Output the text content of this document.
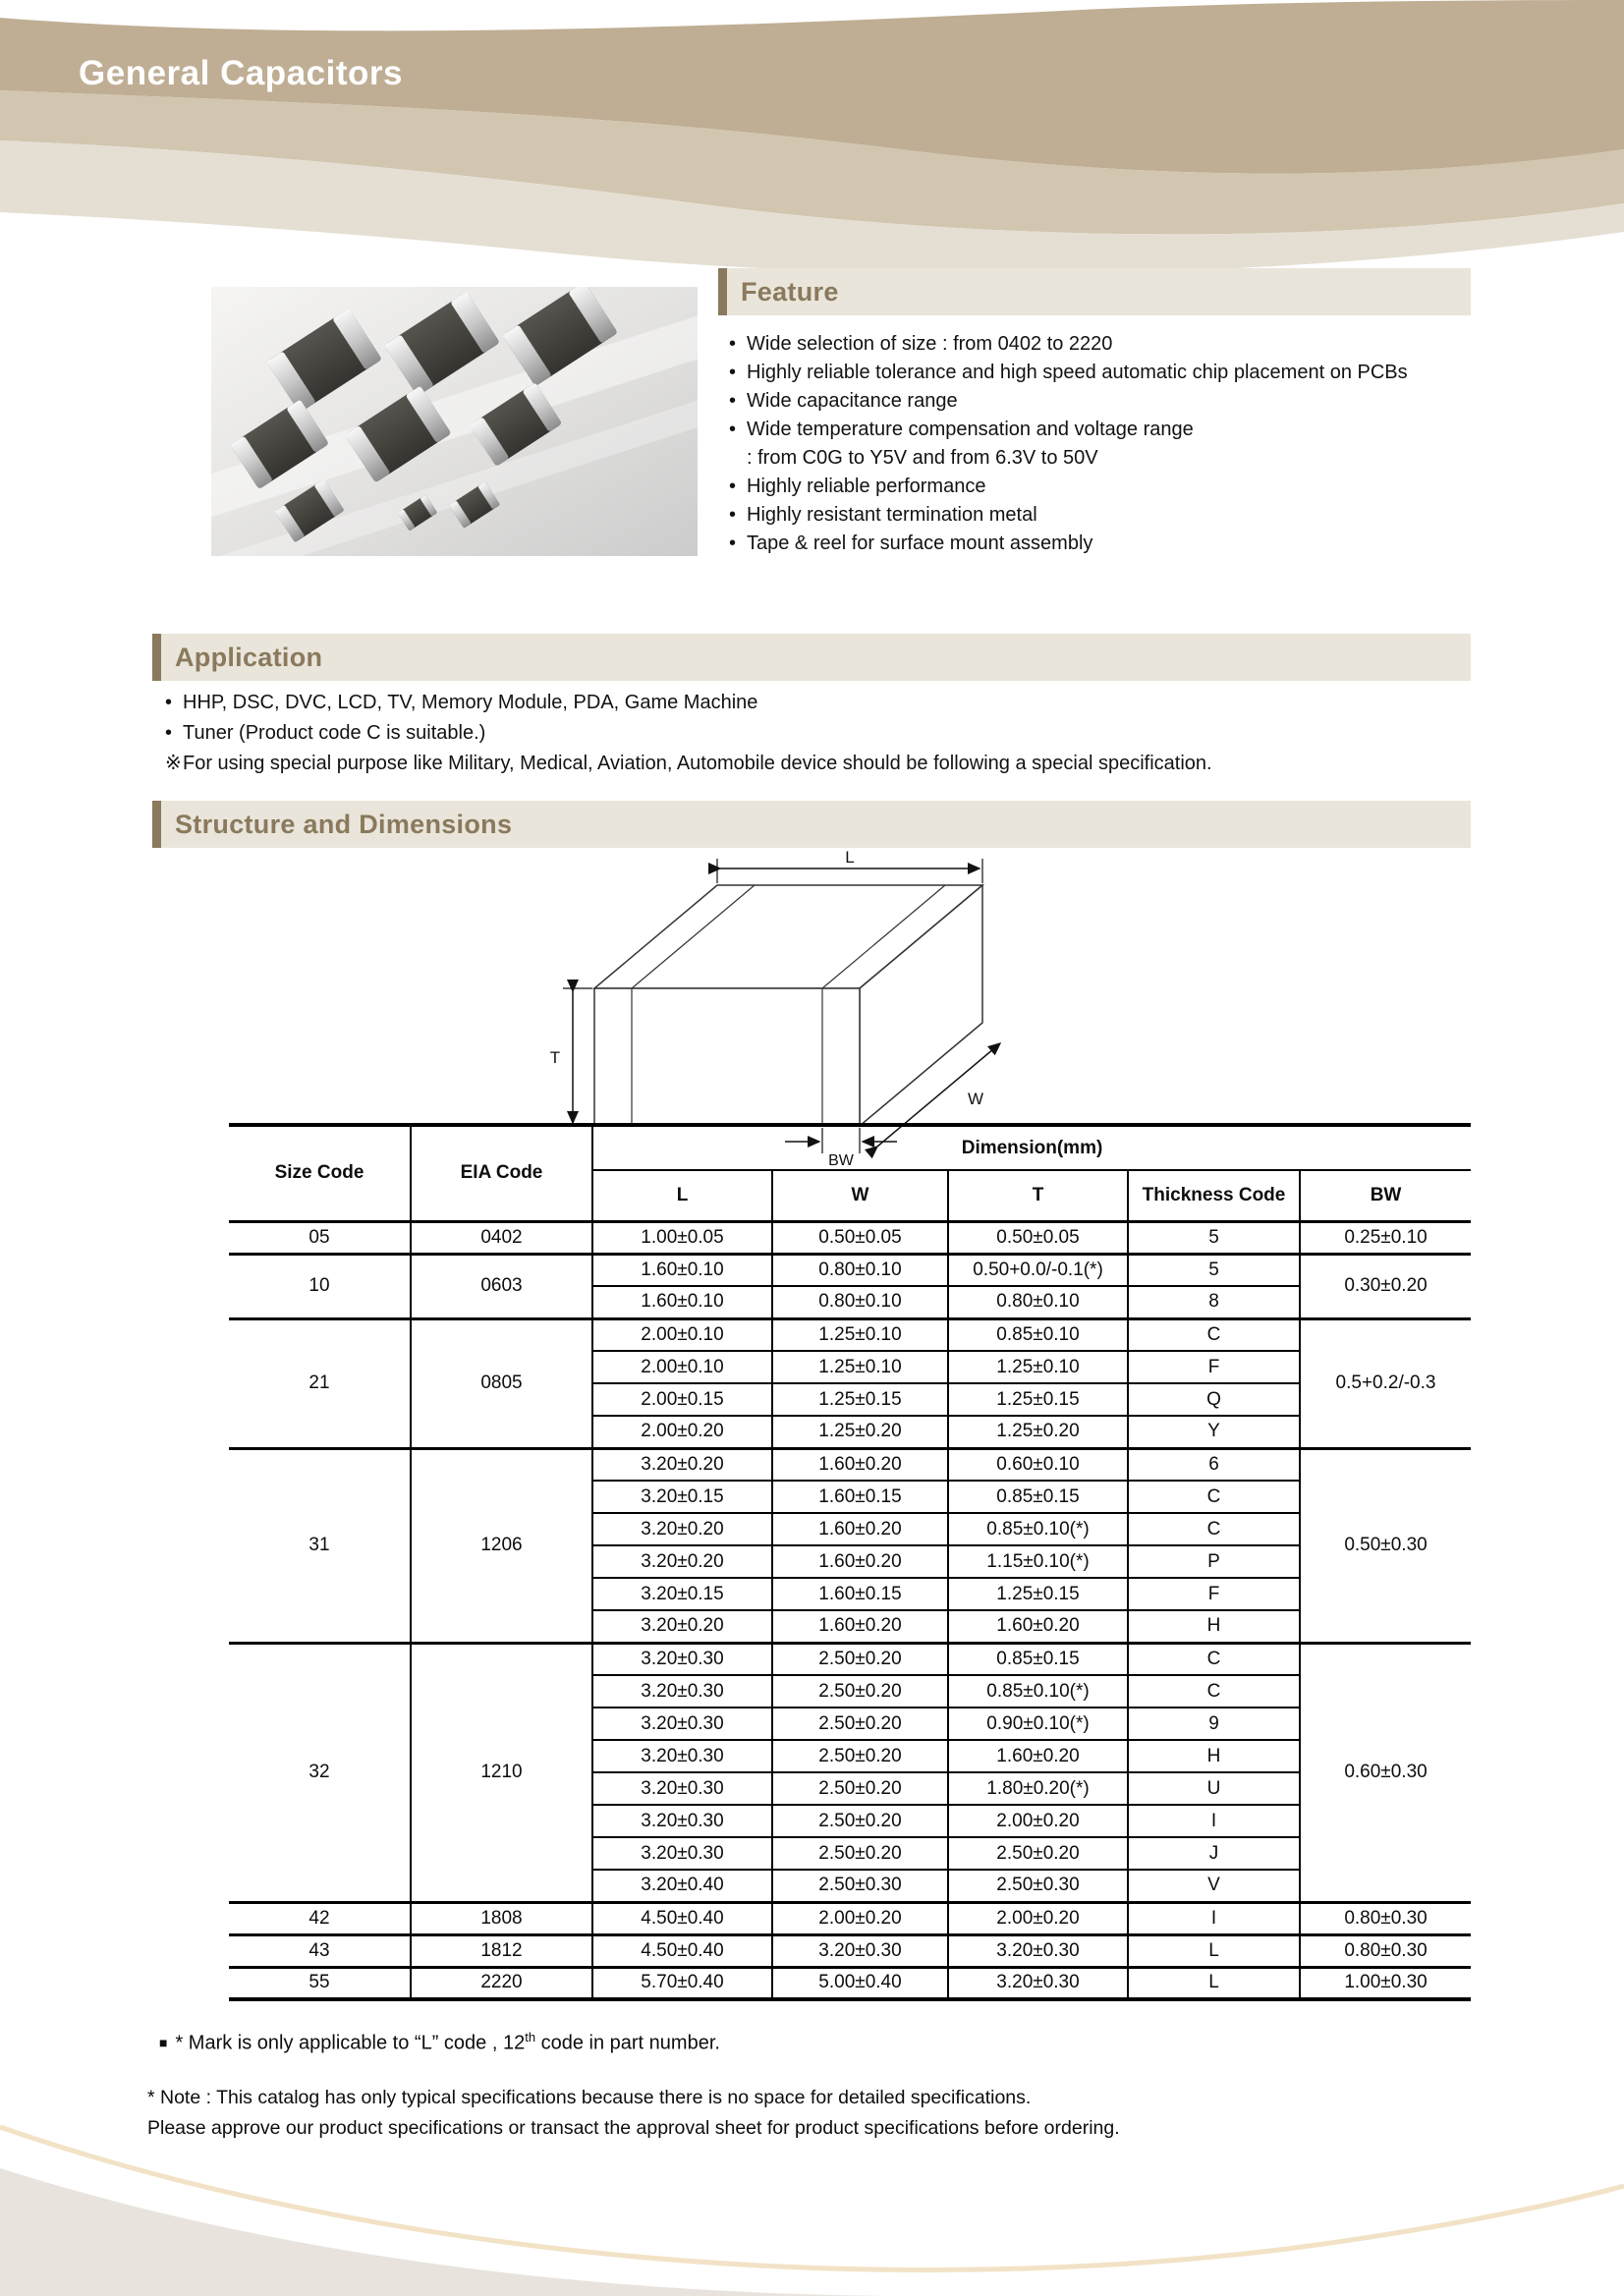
General Capacitors
Feature
• Wide selection of size : from 0402 to 2220
• Highly reliable tolerance and high speed automatic chip placement on PCBs
• Wide capacitance range
• Wide temperature compensation and voltage range
: from C0G to Y5V and from 6.3V to 50V
• Highly reliable performance
• Highly resistant termination metal
• Tape & reel for surface mount assembly
Application
• HHP, DSC, DVC, LCD, TV, Memory Module, PDA, Game Machine
• Tuner (Product code C is suitable.)
※ For using special purpose like Military, Medical, Aviation, Automobile device should be following a special specification.
Structure and Dimensions
L
T
W
BW
Size Code	EIA Code	Dimension(mm)				
		L	W	T	Thickness Code	BW
05	0402	1.00±0.05	0.50±0.05	0.50±0.05	5	0.25±0.10
10	0603	1.60±0.10	0.80±0.10	0.50+0.0/-0.1(*)	5	0.30±0.20
		1.60±0.10	0.80±0.10	0.80±0.10	8	
21	0805	2.00±0.10	1.25±0.10	0.85±0.10	C	0.5+0.2/-0.3
		2.00±0.10	1.25±0.10	1.25±0.10	F	
		2.00±0.15	1.25±0.15	1.25±0.15	Q	
		2.00±0.20	1.25±0.20	1.25±0.20	Y	
31	1206	3.20±0.20	1.60±0.20	0.60±0.10	6	0.50±0.30
		3.20±0.15	1.60±0.15	0.85±0.15	C	
		3.20±0.20	1.60±0.20	0.85±0.10(*)	C	
		3.20±0.20	1.60±0.20	1.15±0.10(*)	P	
		3.20±0.15	1.60±0.15	1.25±0.15	F	
		3.20±0.20	1.60±0.20	1.60±0.20	H	
32	1210	3.20±0.30	2.50±0.20	0.85±0.15	C	0.60±0.30
		3.20±0.30	2.50±0.20	0.85±0.10(*)	C	
		3.20±0.30	2.50±0.20	0.90±0.10(*)	9	
		3.20±0.30	2.50±0.20	1.60±0.20	H	
		3.20±0.30	2.50±0.20	1.80±0.20(*)	U	
		3.20±0.30	2.50±0.20	2.00±0.20	I	
		3.20±0.30	2.50±0.20	2.50±0.20	J	
		3.20±0.40	2.50±0.30	2.50±0.30	V	
42	1808	4.50±0.40	2.00±0.20	2.00±0.20	I	0.80±0.30
43	1812	4.50±0.40	3.20±0.30	3.20±0.30	L	0.80±0.30
55	2220	5.70±0.40	5.00±0.40	3.20±0.30	L	1.00±0.30
■ * Mark is only applicable to “L” code , 12th code in part number.
* Note : This catalog has only typical specifications because there is no space for detailed specifications.
Please approve our product specifications or transact the approval sheet for product specifications before ordering.
